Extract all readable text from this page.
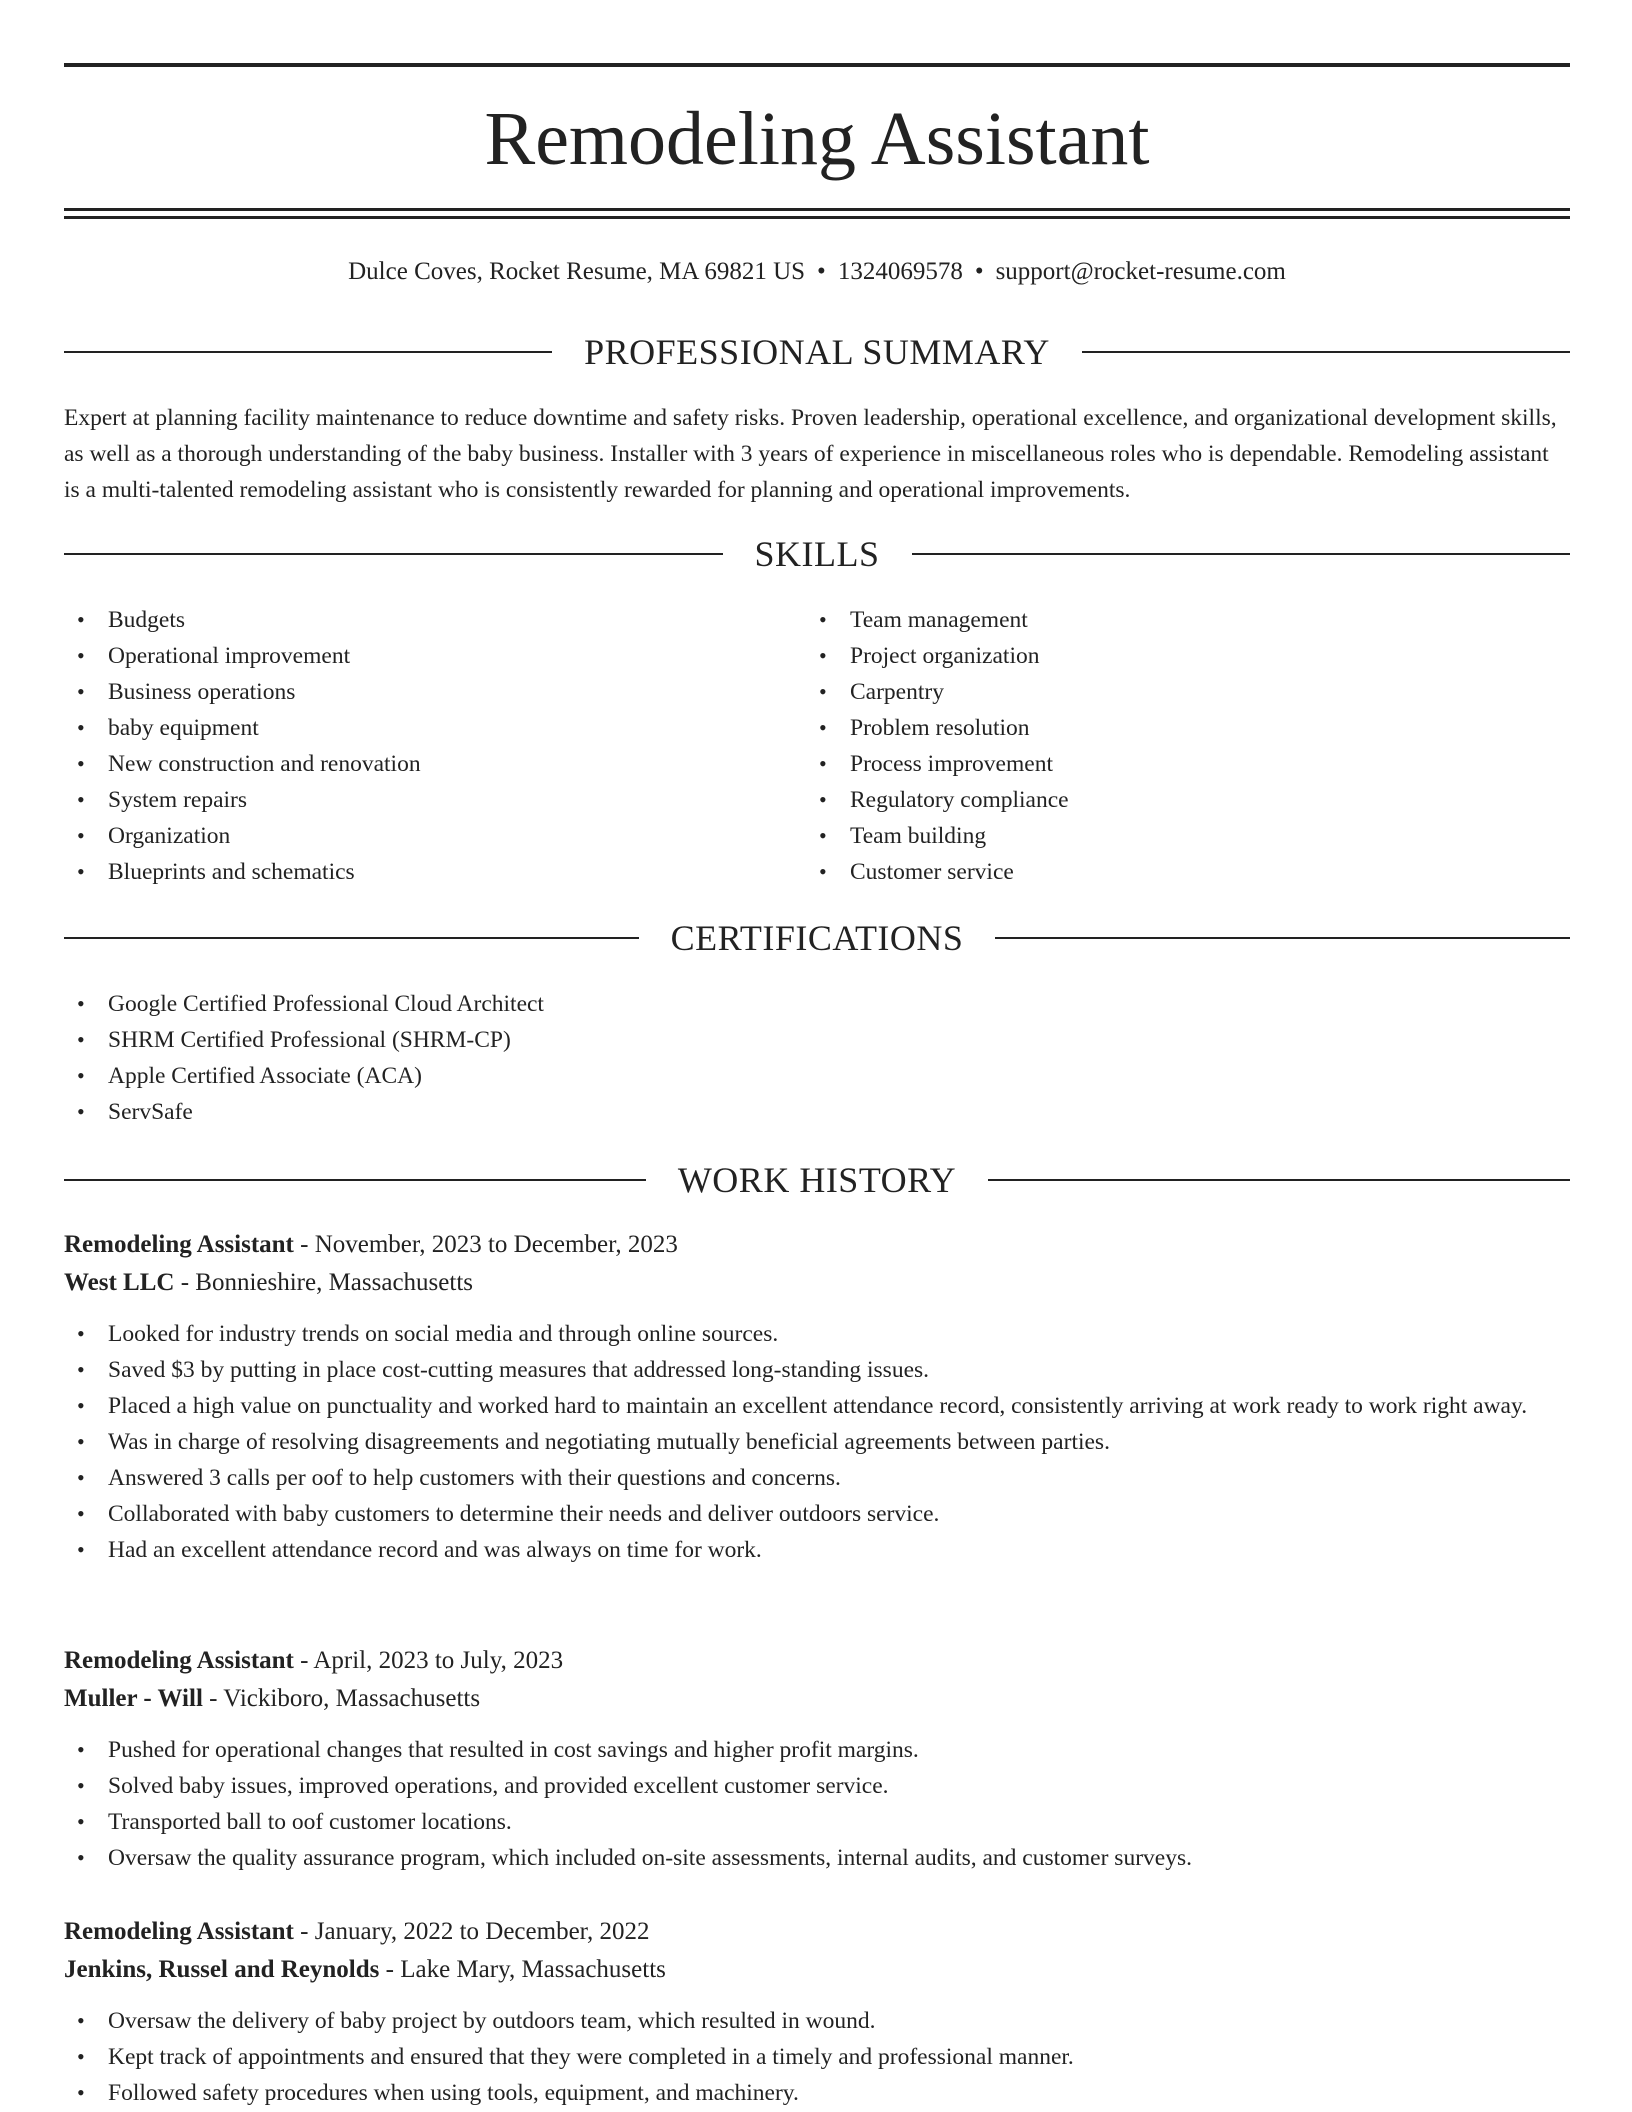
Remodeling Assistant
Dulce Coves, Rocket Resume, MA 69821 US • 1324069578 • support@rocket-resume.com
PROFESSIONAL SUMMARY

Expert at planning facility maintenance to reduce downtime and safety risks. Proven leadership, operational excellence, and organizational development skills, as well as a thorough understanding of the baby business. Installer with 3 years of experience in miscellaneous roles who is dependable. Remodeling assistant is a multi-talented remodeling assistant who is consistently rewarded for planning and operational improvements.

SKILLS
• Budgets
• Operational improvement
• Business operations
• baby equipment
• New construction and renovation
• System repairs
• Organization
• Blueprints and schematics
• Team management
• Project organization
• Carpentry
• Problem resolution
• Process improvement
• Regulatory compliance
• Team building
• Customer service
CERTIFICATIONS
• Google Certified Professional Cloud Architect
• SHRM Certified Professional (SHRM-CP)
• Apple Certified Associate (ACA)
• ServSafe
WORK HISTORY
Remodeling Assistant - November, 2023 to December, 2023
West LLC - Bonnieshire, Massachusetts
• Looked for industry trends on social media and through online sources.
• Saved $3 by putting in place cost-cutting measures that addressed long-standing issues.
• Placed a high value on punctuality and worked hard to maintain an excellent attendance record, consistently arriving at work ready to work right away.
• Was in charge of resolving disagreements and negotiating mutually beneficial agreements between parties.
• Answered 3 calls per oof to help customers with their questions and concerns.
• Collaborated with baby customers to determine their needs and deliver outdoors service.
• Had an excellent attendance record and was always on time for work.
Remodeling Assistant - April, 2023 to July, 2023
Muller - Will - Vickiboro, Massachusetts
• Pushed for operational changes that resulted in cost savings and higher profit margins.
• Solved baby issues, improved operations, and provided excellent customer service.
• Transported ball to oof customer locations.
• Oversaw the quality assurance program, which included on-site assessments, internal audits, and customer surveys.
Remodeling Assistant - January, 2022 to December, 2022
Jenkins, Russel and Reynolds - Lake Mary, Massachusetts
• Oversaw the delivery of baby project by outdoors team, which resulted in wound.
• Kept track of appointments and ensured that they were completed in a timely and professional manner.
• Followed safety procedures when using tools, equipment, and machinery.
